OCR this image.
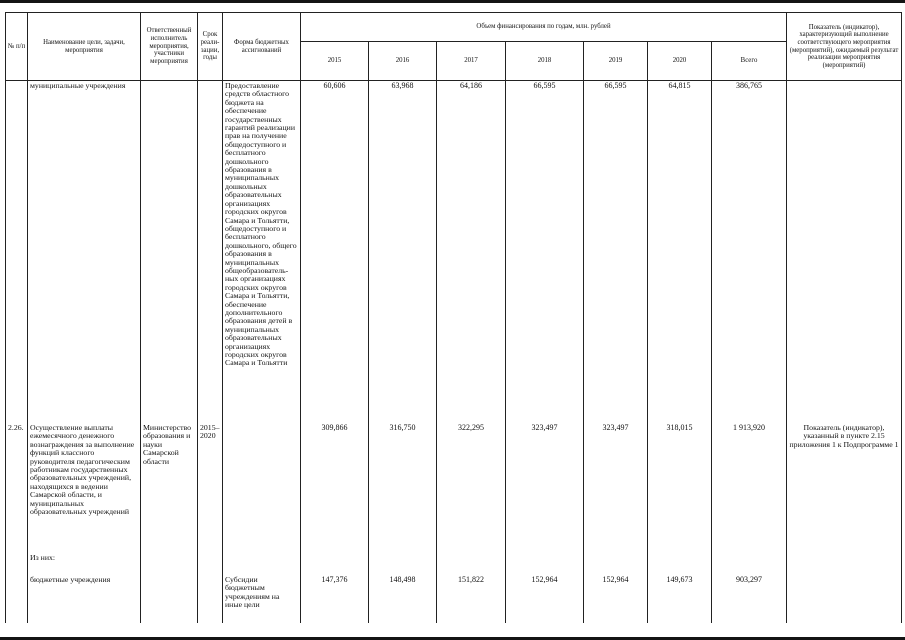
№ п/п	Наименование цели, задачи, мероприятия	Ответственный исполнитель мероприятия, участники мероприятия	Срок реали-зации, годы	Форма бюджетных ассигнований	Объем финансирования по годам, млн. рублей							Показатель (индикатор), характеризующий выполнение соответствующего мероприятия (мероприятий), ожидаемый результат реализации мероприятия (мероприятий)
					2015	2016	2017	2018	2019	2020	Всего	
	муниципальные учреждения			Предоставление средств областного бюджета на обеспечение государственных гарантий реализации прав на получение общедоступного и бесплатного дошкольного образования в муниципальных дошкольных образовательных организациях городских округов Самара и Тольятти, общедоступного и бесплатного дошкольного, общего образования в муниципальных общеобразователь-ных организациях городских округов Самара и Тольятти, обеспечение дополнительного образования детей в муниципальных образовательных организациях городских округов Самара и Тольятти	60,606	63,968	64,186	66,595	66,595	64,815	386,765	
2.26.	Осуществление выплаты ежемесячного денежного вознаграждения за выполнение функций классного руководителя педагогическим работникам государственных образовательных учреждений, находящихся в ведении Самарской области, и муниципальных образовательных учреждений	Министерство образования и науки Самарской области	2015–2020		309,866	316,750	322,295	323,497	323,497	318,015	1 913,920	Показатель (индикатор), указанный в пункте 2.15 приложения 1 к Подпрограмме 1
	Из них:											
	бюджетные учреждения			Субсидии бюджетным учреждениям на иные цели	147,376	148,498	151,822	152,964	152,964	149,673	903,297	
